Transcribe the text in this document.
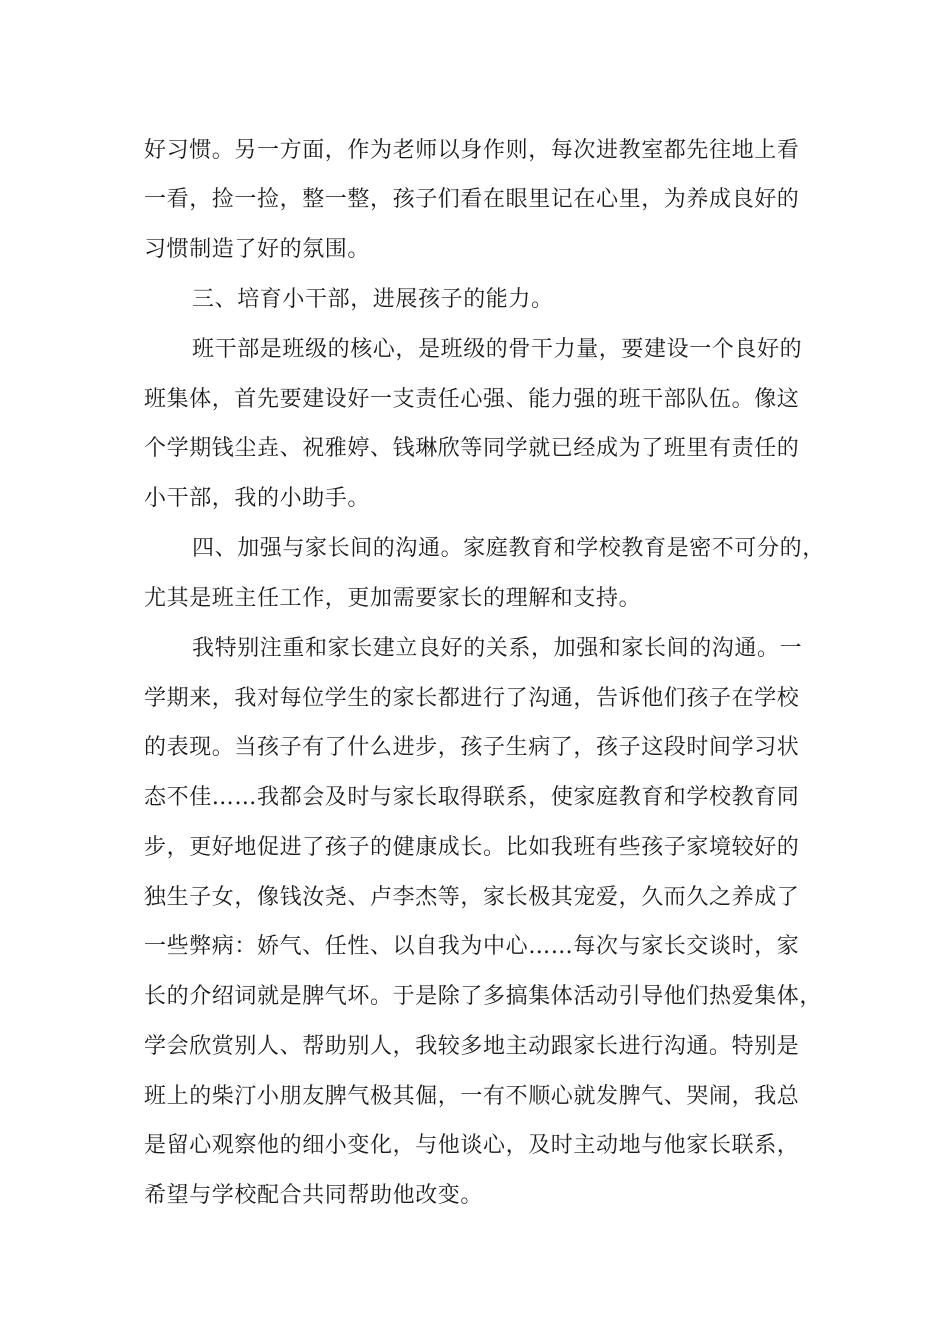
好习惯。另一方面，作为老师以身作则，每次进教室都先往地上看
一看，捡一捡，整一整，孩子们看在眼里记在心里，为养成良好的
习惯制造了好的氛围。
三、培育小干部，进展孩子的能力。
班干部是班级的核心，是班级的骨干力量，要建设一个良好的
班集体，首先要建设好一支责任心强、能力强的班干部队伍。像这
个学期钱尘垚、祝雅婷、钱琳欣等同学就已经成为了班里有责任的
小干部，我的小助手。
四、加强与家长间的沟通。家庭教育和学校教育是密不可分的，
尤其是班主任工作，更加需要家长的理解和支持。
我特别注重和家长建立良好的关系，加强和家长间的沟通。一
学期来，我对每位学生的家长都进行了沟通，告诉他们孩子在学校
的表现。当孩子有了什么进步，孩子生病了，孩子这段时间学习状
态不佳……我都会及时与家长取得联系，使家庭教育和学校教育同
步，更好地促进了孩子的健康成长。比如我班有些孩子家境较好的
独生子女，像钱汝尧、卢李杰等，家长极其宠爱，久而久之养成了
一些弊病：娇气、任性、以自我为中心……每次与家长交谈时，家
长的介绍词就是脾气坏。于是除了多搞集体活动引导他们热爱集体，
学会欣赏别人、帮助别人，我较多地主动跟家长进行沟通。特别是
班上的柴汀小朋友脾气极其倔，一有不顺心就发脾气、哭闹，我总
是留心观察他的细小变化，与他谈心，及时主动地与他家长联系，
希望与学校配合共同帮助他改变。
